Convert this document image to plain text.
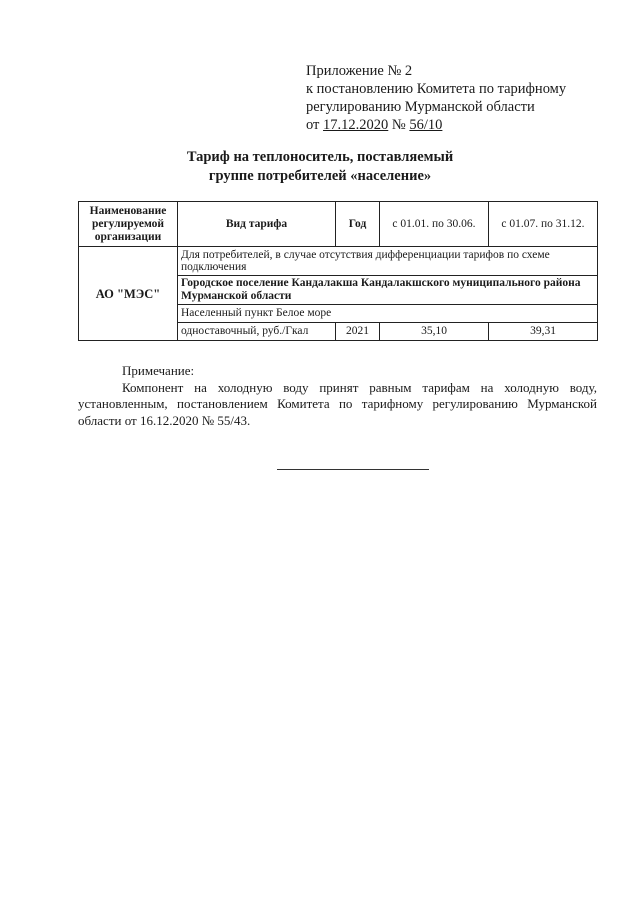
Приложение № 2
к постановлению Комитета по тарифному
регулированию Мурманской области
от 17.12.2020 № 56/10
Тариф на теплоноситель, поставляемый
группе потребителей «население»
Наименование регулируемой организации	Вид тарифа	Год	с 01.01. по 30.06.	с 01.07. по 31.12.
АО "МЭС"	Для потребителей, в случае отсутствия дифференциации тарифов по схеме подключения			
	Городское поселение Кандалакша Кандалакшского муниципального района Мурманской области			
	Населенный пункт Белое море			
	одноставочный, руб./Гкал	2021	35,10	39,31
Примечание:
Компонент на холодную воду принят равным тарифам на холодную воду, установленным, постановлением Комитета по тарифному регулированию Мурманской области от 16.12.2020 № 55/43.
